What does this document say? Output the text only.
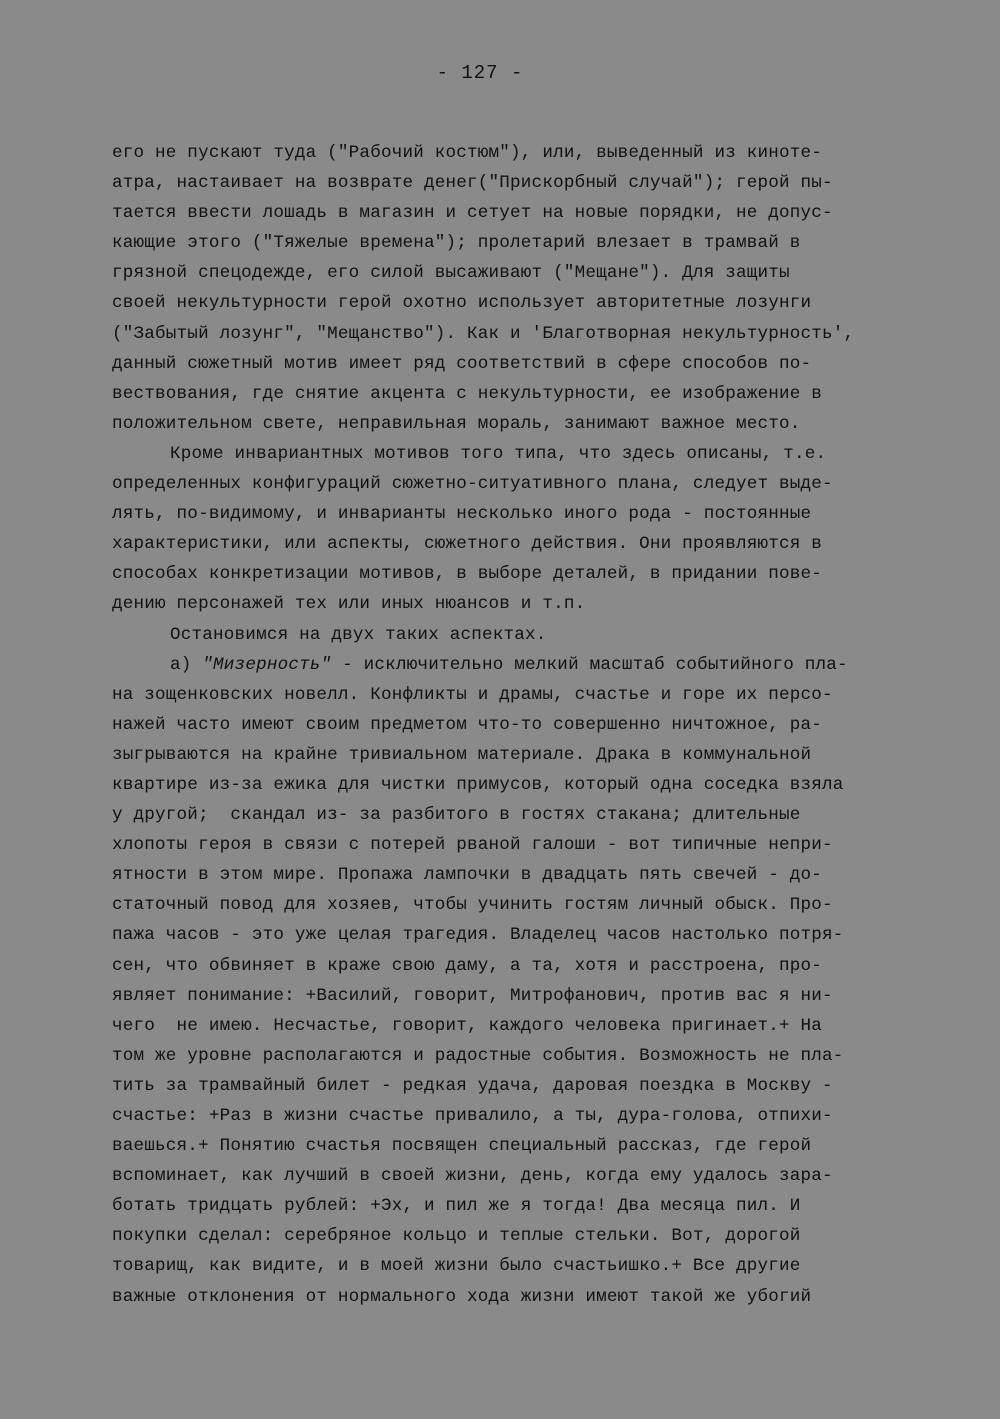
- 127 -
его не пускают туда ("Рабочий костюм"), или, выведенный из кинотe-
атра, настаивает на возврате денег("Прискорбный случай"); герой пы-
тается ввести лошадь в магазин и сетует на новые порядки, не допус-
кающие этого ("Тяжелые времена"); пролетарий влезает в трамвай в
грязной спецодежде, его силой высаживают ("Мещане"). Для защиты
своей некультурности герой охотно использует авторитетные лозунги
("Забытый лозунг", "Мещанство"). Как и 'Благотворная некультурность',
данный сюжетный мотив имеет ряд соответствий в сфере способов по-
вествования, где снятие акцента с некультурности, ее изображение в
положительном свете, неправильная мораль, занимают важное место.
Кроме инвариантных мотивов того типа, что здесь описаны, т.е.
определенных конфигураций сюжетно-ситуативного плана, следует выде-
лять, по-видимому, и инварианты несколько иного рода - постоянные
характеристики, или аспекты, сюжетного действия. Они проявляются в
способах конкретизации мотивов, в выборе деталей, в придании пове-
дению персонажей тех или иных нюансов и т.п.
Остановимся на двух таких аспектах.
а) "Мизерность" - исключительно мелкий масштаб событийного пла-
на зощенковских новелл. Конфликты и драмы, счастье и горе их персо-
нажей часто имеют своим предметом что-то совершенно ничтожное, ра-
зыгрываются на крайне тривиальном материале. Драка в коммунальной
квартире из-за ежика для чистки примусов, который одна соседка взяла
у другой;  скандал из- за разбитого в гостях стакана; длительные
хлопоты героя в связи с потерей рваной галоши - вот типичные непри-
ятности в этом мире. Пропажа лампочки в двадцать пять свечей - до-
статочный повод для хозяев, чтобы учинить гостям личный обыск. Про-
пажа часов - это уже целая трагедия. Владелец часов настолько потря-
сен, что обвиняет в краже свою даму, а та, хотя и расстроена, про-
являет понимание: +Василий, говорит, Митрофанович, против вас я ни-
чего  не имею. Несчастье, говорит, каждого человека пригинает.+ На
том же уровне располагаются и радостные события. Возможность не пла-
тить за трамвайный билет - редкая удача, даровая поездка в Москву -
счастье: +Раз в жизни счастье привалило, а ты, дура-голова, отпихи-
ваешься.+ Понятию счастья посвящен специальный рассказ, где герой
вспоминает, как лучший в своей жизни, день, когда ему удалось зара-
ботать тридцать рублей: +Эх, и пил же я тогда! Два месяца пил. И
покупки сделал: серебряное кольцо и теплые стельки. Вот, дорогой
товарищ, как видите, и в моей жизни было счастьишко.+ Все другие
важные отклонения от нормального хода жизни имеют такой же убогий
